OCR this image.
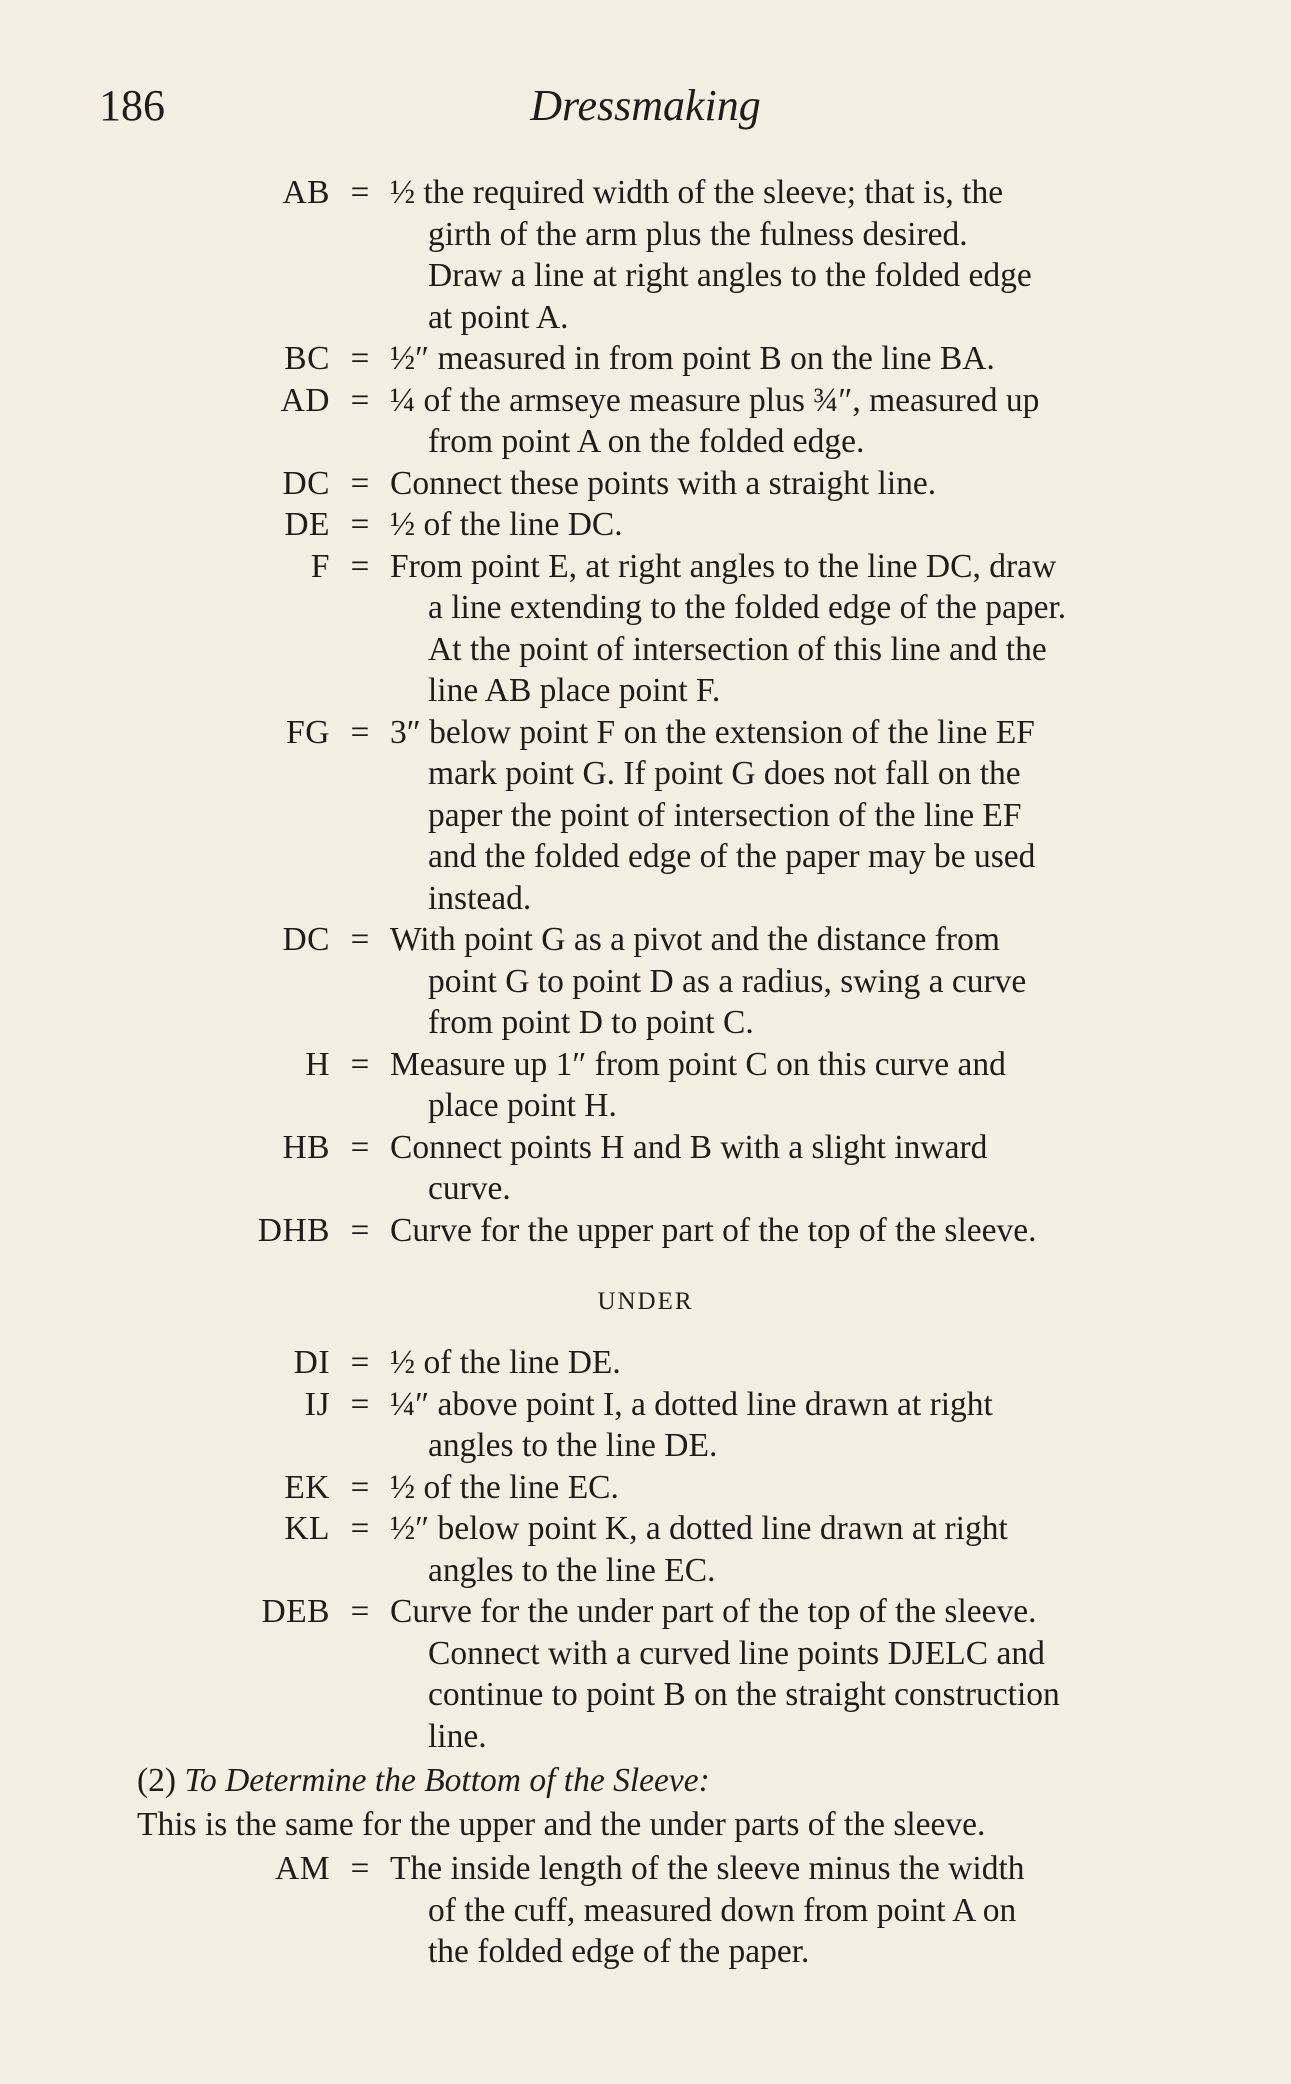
186	Dressmaking
AB = ½ the required width of the sleeve; that is, the
girth of the arm plus the fulness desired.
Draw a line at right angles to the folded edge
at point A.
BC = ½″ measured in from point B on the line BA.
AD = ¼ of the armseye measure plus ¾″, measured up
from point A on the folded edge.
DC = Connect these points with a straight line.
DE = ½ of the line DC.
F = From point E, at right angles to the line DC, draw
a line extending to the folded edge of the paper.
At the point of intersection of this line and the
line AB place point F.
FG = 3″ below point F on the extension of the line EF
mark point G. If point G does not fall on the
paper the point of intersection of the line EF
and the folded edge of the paper may be used
instead.
DC = With point G as a pivot and the distance from
point G to point D as a radius, swing a curve
from point D to point C.
H = Measure up 1″ from point C on this curve and
place point H.
HB = Connect points H and B with a slight inward
curve.
DHB = Curve for the upper part of the top of the sleeve.
UNDER
DI = ½ of the line DE.
IJ = ¼″ above point I, a dotted line drawn at right
angles to the line DE.
EK = ½ of the line EC.
KL = ½″ below point K, a dotted line drawn at right
angles to the line EC.
DEB = Curve for the under part of the top of the sleeve.
Connect with a curved line points DJELC and
continue to point B on the straight construction
line.
(2) To Determine the Bottom of the Sleeve:
This is the same for the upper and the under parts of the sleeve.
AM = The inside length of the sleeve minus the width
of the cuff, measured down from point A on
the folded edge of the paper.
